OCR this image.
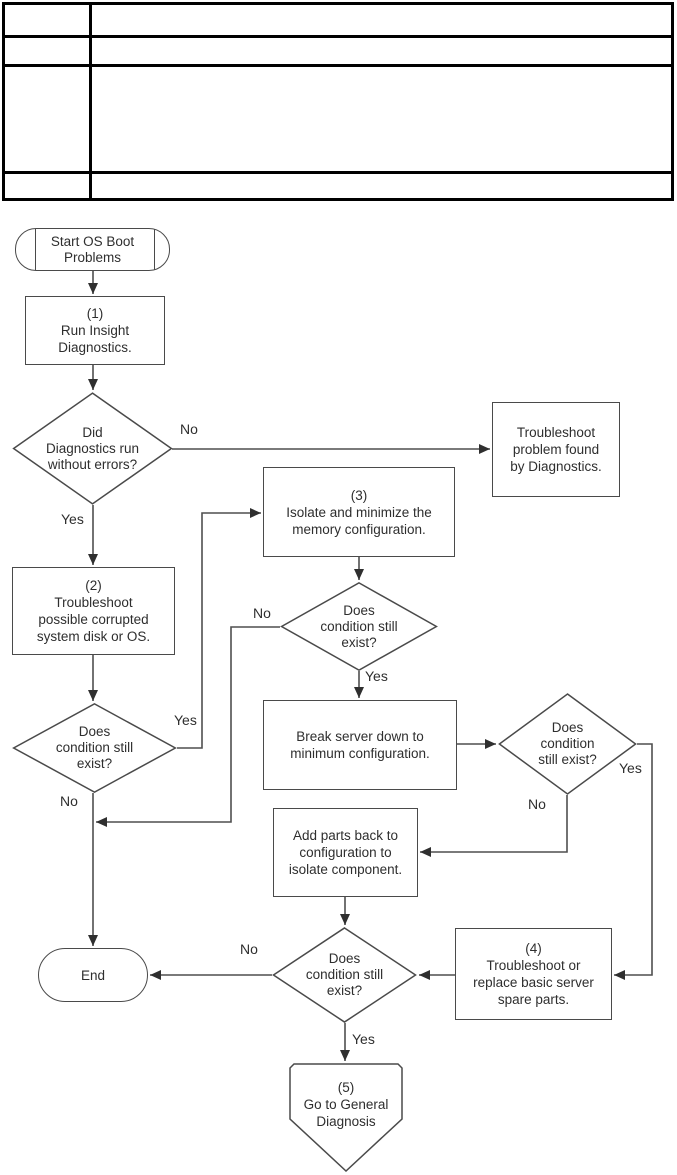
Start OS Boot
Problems
(1)
Run Insight
Diagnostics.
Did
Diagnostics run
without errors?
Troubleshoot
problem found
by Diagnostics.
(2)
Troubleshoot
possible corrupted
system disk or OS.
Does
condition still
exist?
(3)
Isolate and minimize the
memory configuration.
Does
condition still
exist?
Break server down to
minimum configuration.
Does
condition
still exist?
Add parts back to
configuration to
isolate component.
Does
condition still
exist?
(4)
Troubleshoot or
replace basic server
spare parts.
End
(5)
Go to General
Diagnosis
No
Yes
Yes
No
No
Yes
Yes
No
No
Yes
